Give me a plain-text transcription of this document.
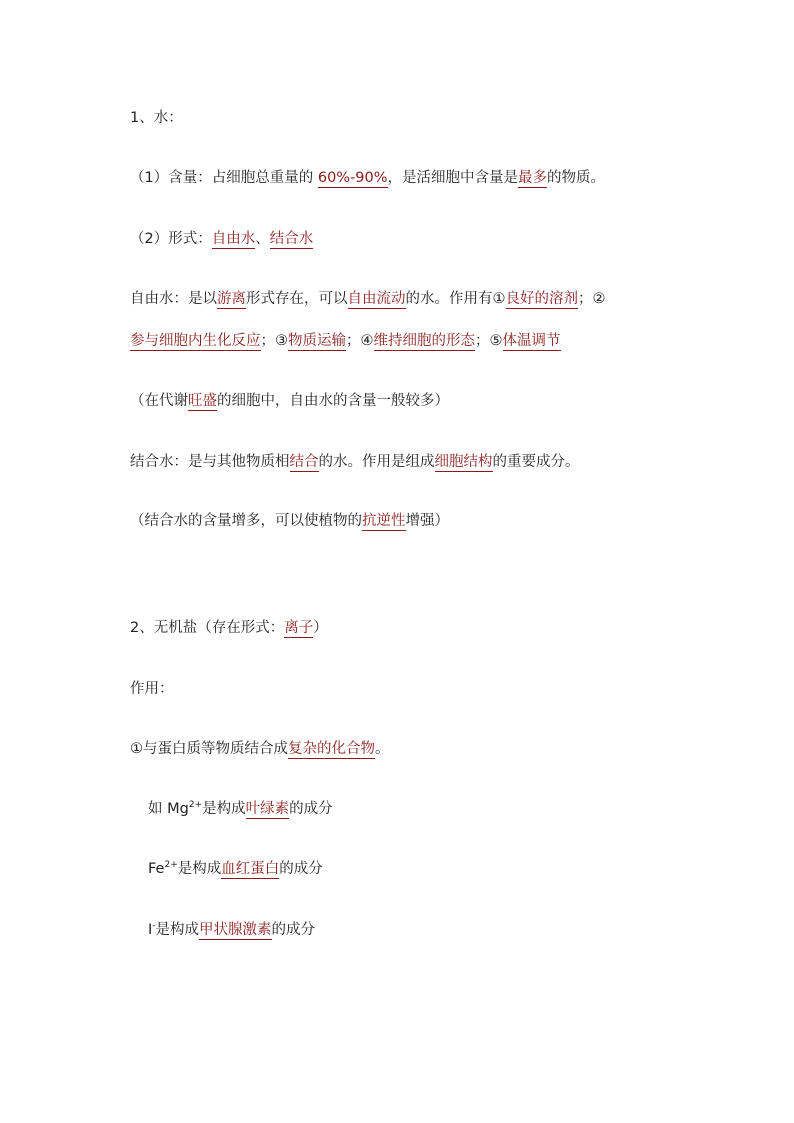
1、水：
（1）含量：占细胞总重量的 60%-90%，是活细胞中含量是最多的物质。
（2）形式：自由水、结合水
自由水：是以游离形式存在，可以自由流动的水。作用有①良好的溶剂；②
参与细胞内生化反应；③物质运输；④维持细胞的形态；⑤体温调节
（在代谢旺盛的细胞中，自由水的含量一般较多）
结合水：是与其他物质相结合的水。作用是组成细胞结构的重要成分。
（结合水的含量增多，可以使植物的抗逆性增强）
2、无机盐（存在形式：离子）
作用：
①与蛋白质等物质结合成复杂的化合物。
如 $Mg^{2+}$是构成叶绿素的成分
$Fe^{2+}$是构成血红蛋白的成分
I-是构成甲状腺激素的成分
